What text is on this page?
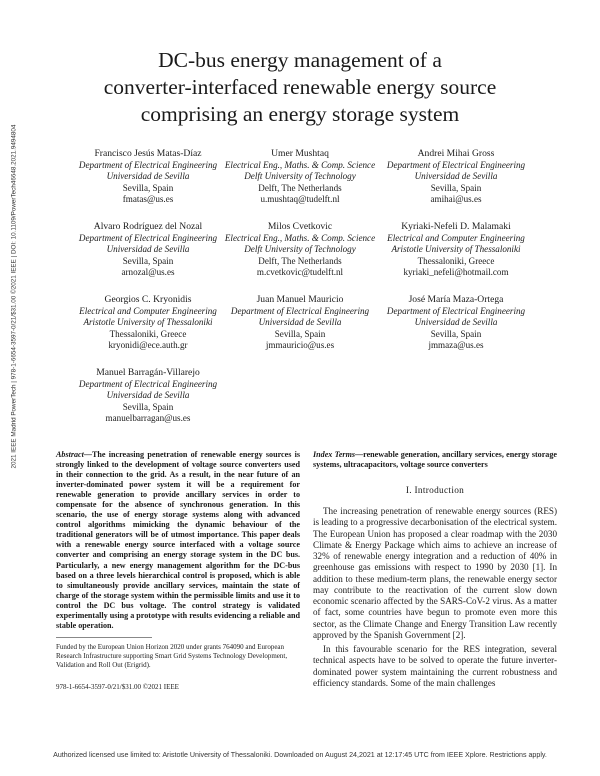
2021 IEEE Madrid PowerTech | 978-1-6654-3597-0/21/$31.00 ©2021 IEEE | DOI: 10.1109/PowerTech46648.2021.9494804
DC-bus energy management of a
converter-interfaced renewable energy source
comprising an energy storage system
Francisco Jesús Matas-Díaz
Department of Electrical Engineering
Universidad de Sevilla
Sevilla, Spain
fmatas@us.es
Umer Mushtaq
Electrical Eng., Maths. & Comp. Science
Delft University of Technology
Delft, The Netherlands
u.mushtaq@tudelft.nl
Andrei Mihai Gross
Department of Electrical Engineering
Universidad de Sevilla
Sevilla, Spain
amihai@us.es
Alvaro Rodríguez del Nozal
Department of Electrical Engineering
Universidad de Sevilla
Sevilla, Spain
arnozal@us.es
Milos Cvetkovic
Electrical Eng., Maths. & Comp. Science
Delft University of Technology
Delft, The Netherlands
m.cvetkovic@tudelft.nl
Kyriaki-Nefeli D. Malamaki
Electrical and Computer Engineering
Aristotle University of Thessaloniki
Thessaloniki, Greece
kyriaki_nefeli@hotmail.com
Georgios C. Kryonidis
Electrical and Computer Engineering
Aristotle University of Thessaloniki
Thessaloniki, Greece
kryonidi@ece.auth.gr
Juan Manuel Mauricio
Department of Electrical Engineering
Universidad de Sevilla
Sevilla, Spain
jmmauricio@us.es
José María Maza-Ortega
Department of Electrical Engineering
Universidad de Sevilla
Sevilla, Spain
jmmaza@us.es
Manuel Barragán-Villarejo
Department of Electrical Engineering
Universidad de Sevilla
Sevilla, Spain
manuelbarragan@us.es
Abstract—The increasing penetration of renewable energy sources is strongly linked to the development of voltage source converters used in their connection to the grid. As a result, in the near future of an inverter-dominated power system it will be a requirement for renewable generation to provide ancillary services in order to compensate for the absence of synchronous generation. In this scenario, the use of energy storage systems along with advanced control algorithms mimicking the dynamic behaviour of the traditional generators will be of utmost importance. This paper deals with a renewable energy source interfaced with a voltage source converter and comprising an energy storage system in the DC bus. Particularly, a new energy management algorithm for the DC-bus based on a three levels hierarchical control is proposed, which is able to simultaneously provide ancillary services, maintain the state of charge of the storage system within the permissible limits and use it to control the DC bus voltage. The control strategy is validated experimentally using a prototype with results evidencing a reliable and stable operation.
Funded by the European Union Horizon 2020 under grants 764090 and European Research Infrastructure supporting Smart Grid Systems Technology Development, Validation and Roll Out (Erigrid).
978-1-6654-3597-0/21/$31.00 ©2021 IEEE
Index Terms—renewable generation, ancillary services, energy storage systems, ultracapacitors, voltage source converters
I. Introduction

The increasing penetration of renewable energy sources (RES) is leading to a progressive decarbonisation of the electrical system. The European Union has proposed a clear roadmap with the 2030 Climate & Energy Package which aims to achieve an increase of 32% of renewable energy integration and a reduction of 40% in greenhouse gas emissions with respect to 1990 by 2030 [1]. In addition to these medium-term plans, the renewable energy sector may contribute to the reactivation of the current slow down economic scenario affected by the SARS-CoV-2 virus. As a matter of fact, some countries have begun to promote even more this sector, as the Climate Change and Energy Transition Law recently approved by the Spanish Government [2].

In this favourable scenario for the RES integration, several technical aspects have to be solved to operate the future inverter-dominated power system maintaining the current robustness and efficiency standards. Some of the main challenges

Authorized licensed use limited to: Aristotle University of Thessaloniki. Downloaded on August 24,2021 at 12:17:45 UTC from IEEE Xplore. Restrictions apply.
